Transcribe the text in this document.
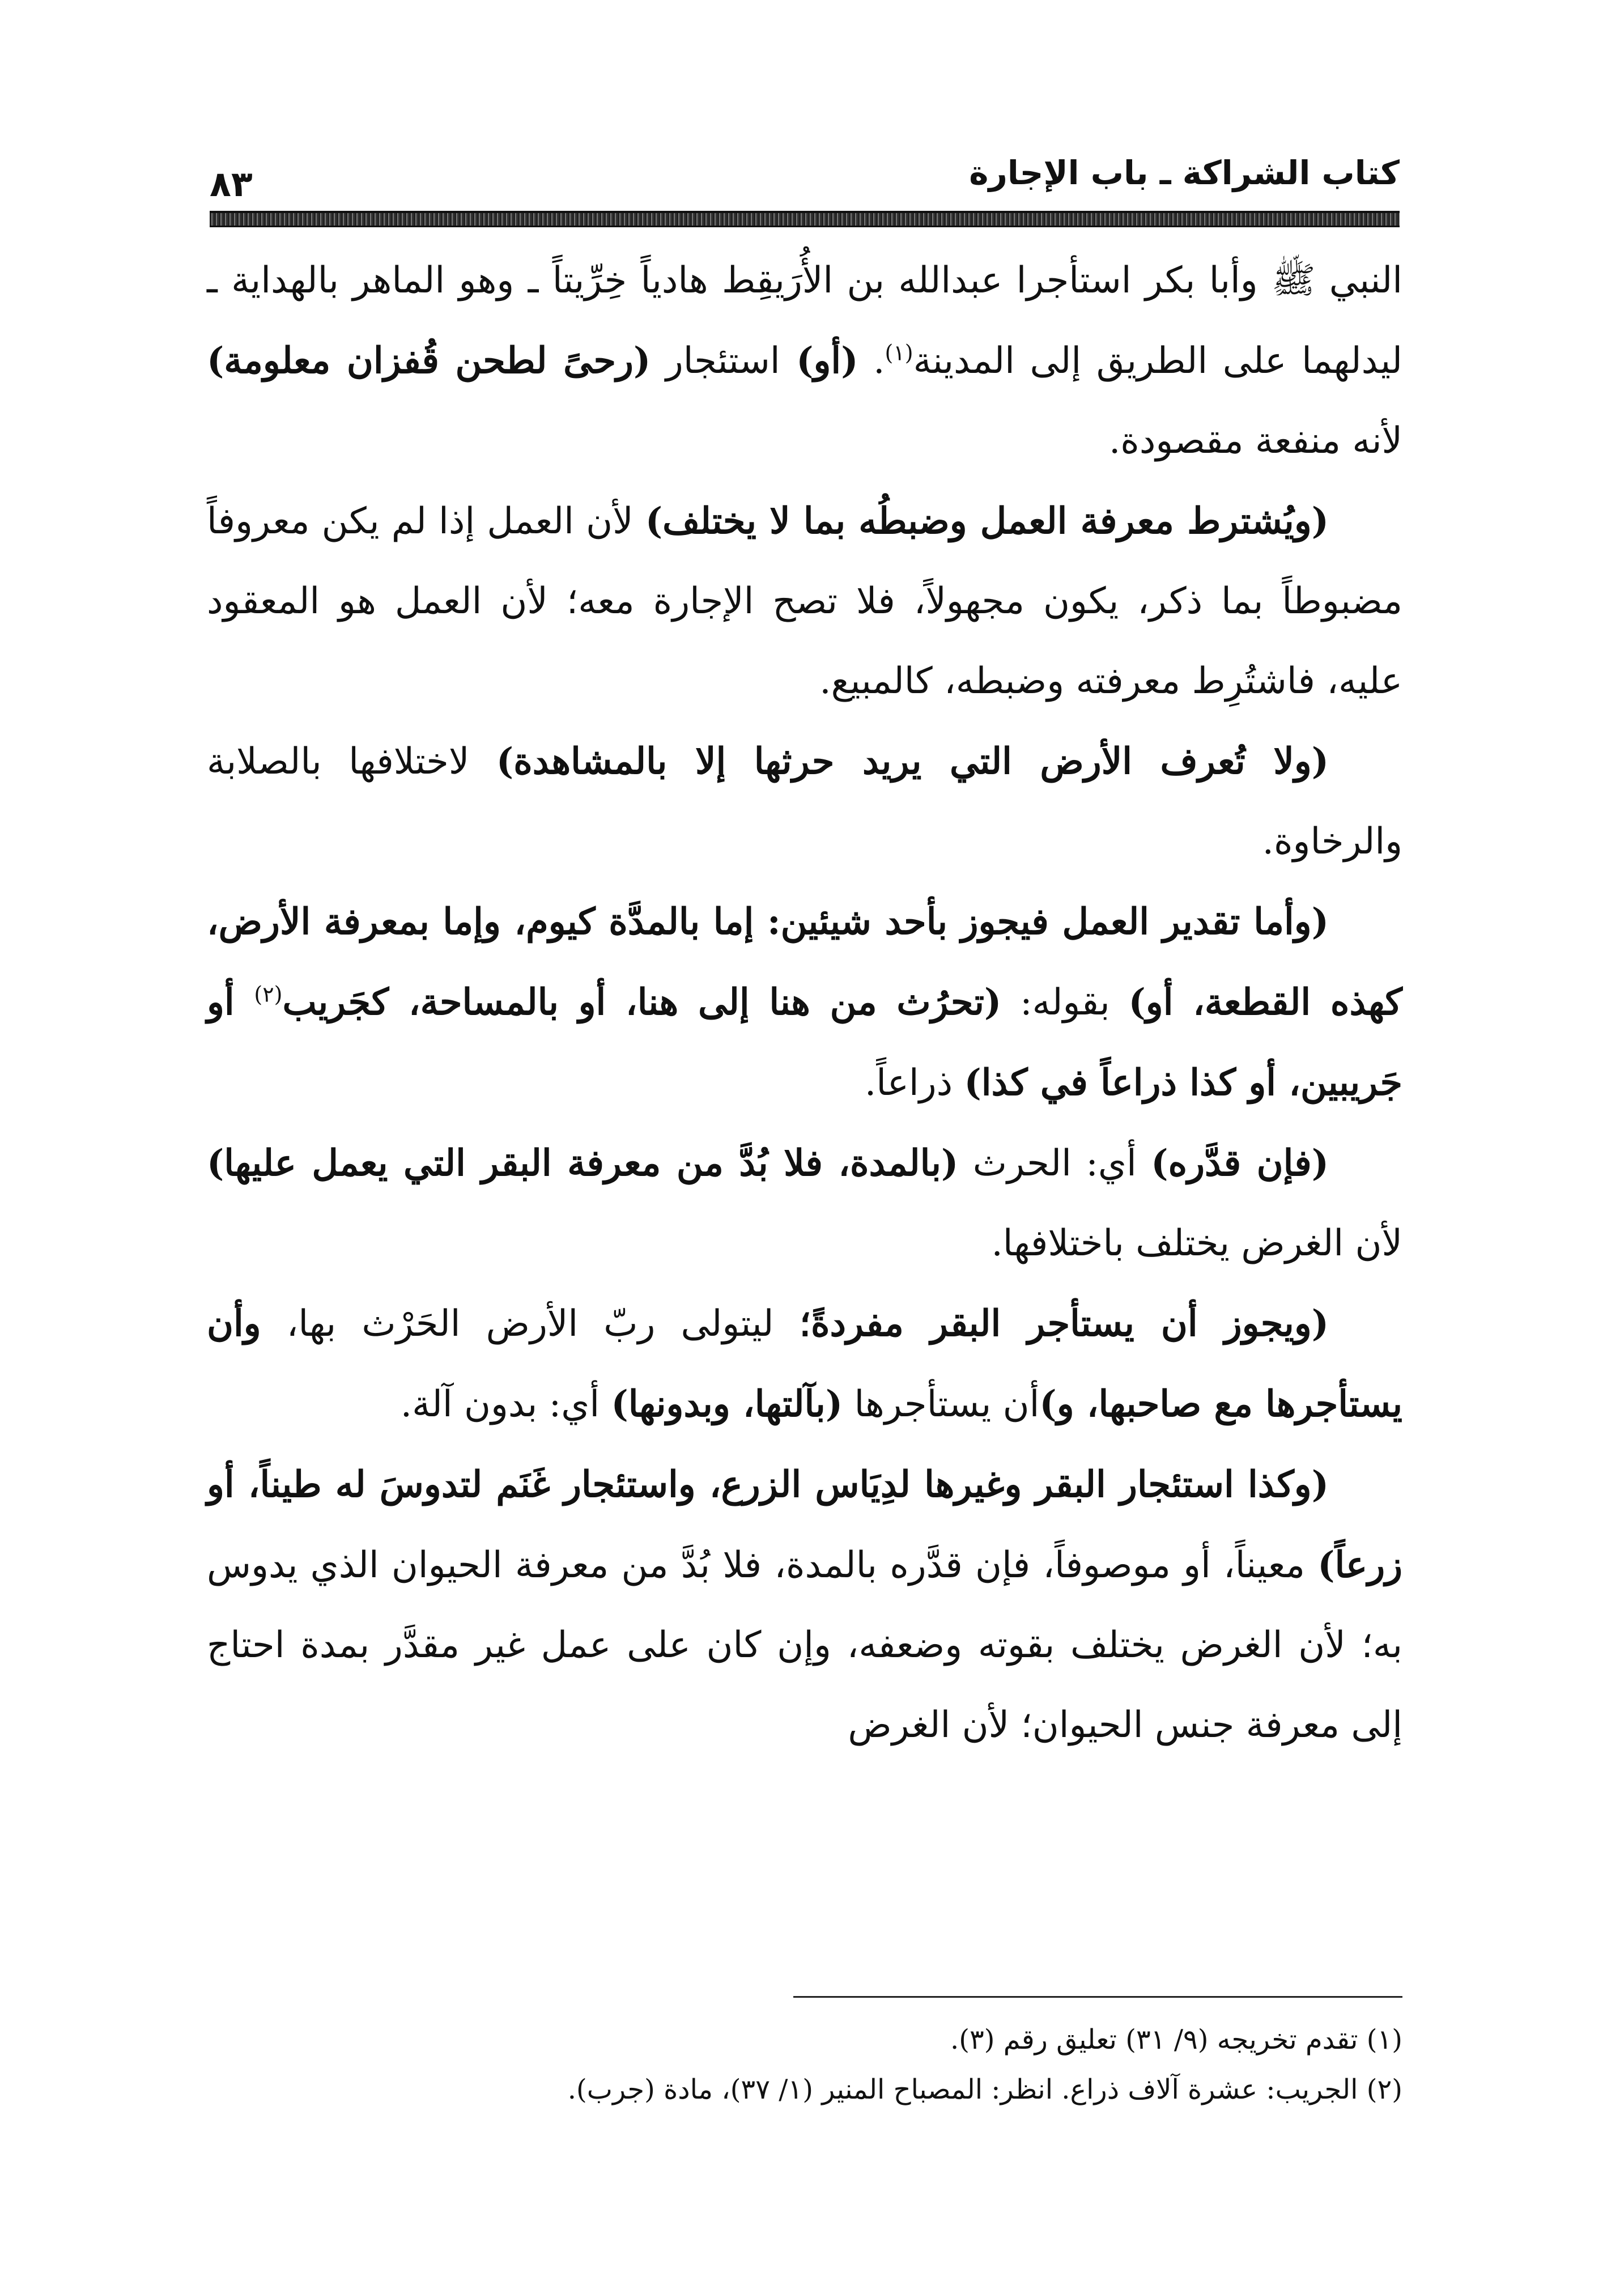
كتاب الشراكة ـ باب الإجارة
٨٣

النبي ﷺ وأبا بكر استأجرا عبدالله بن الأُرَيقِط هادياً خِرِّيتاً ـ وهو الماهر بالهداية ـ ليدلهما على الطريق إلى المدينة$^{(١)}$. (أو) استئجار (رحىً لطحن قُفزان معلومة) لأنه منفعة مقصودة.

(ويُشترط معرفة العمل وضبطُه بما لا يختلف) لأن العمل إذا لم يكن معروفاً مضبوطاً بما ذكر، يكون مجهولاً، فلا تصح الإجارة معه؛ لأن العمل هو المعقود عليه، فاشتُرِط معرفته وضبطه، كالمبيع.

(ولا تُعرف الأرض التي يريد حرثها إلا بالمشاهدة) لاختلافها بالصلابة والرخاوة.

(وأما تقدير العمل فيجوز بأحد شيئين: إما بالمدَّة كيوم، وإما بمعرفة الأرض، كهذه القطعة، أو) بقوله: (تحرُث من هنا إلى هنا، أو بالمساحة، كجَريب$^{(٢)}$ أو جَريبين، أو كذا ذراعاً في كذا) ذراعاً.

(فإن قدَّره) أي: الحرث (بالمدة، فلا بُدَّ من معرفة البقر التي يعمل عليها) لأن الغرض يختلف باختلافها.

(ويجوز أن يستأجر البقر مفردةً؛ ليتولى ربّ الأرض الحَرْث بها، وأن يستأجرها مع صاحبها، و)أن يستأجرها (بآلتها، وبدونها) أي: بدون آلة.

(وكذا استئجار البقر وغيرها لدِيَاس الزرع، واستئجار غَنَم لتدوسَ له طيناً، أو زرعاً) معيناً، أو موصوفاً، فإن قدَّره بالمدة، فلا بُدَّ من معرفة الحيوان الذي يدوس به؛ لأن الغرض يختلف بقوته وضعفه، وإن كان على عمل غير مقدَّر بمدة احتاج إلى معرفة جنس الحيوان؛ لأن الغرض

(١) تقدم تخريجه (٩/ ٣١) تعليق رقم (٣).
(٢) الجريب: عشرة آلاف ذراع. انظر: المصباح المنير (١/ ٣٧)، مادة (جرب).
